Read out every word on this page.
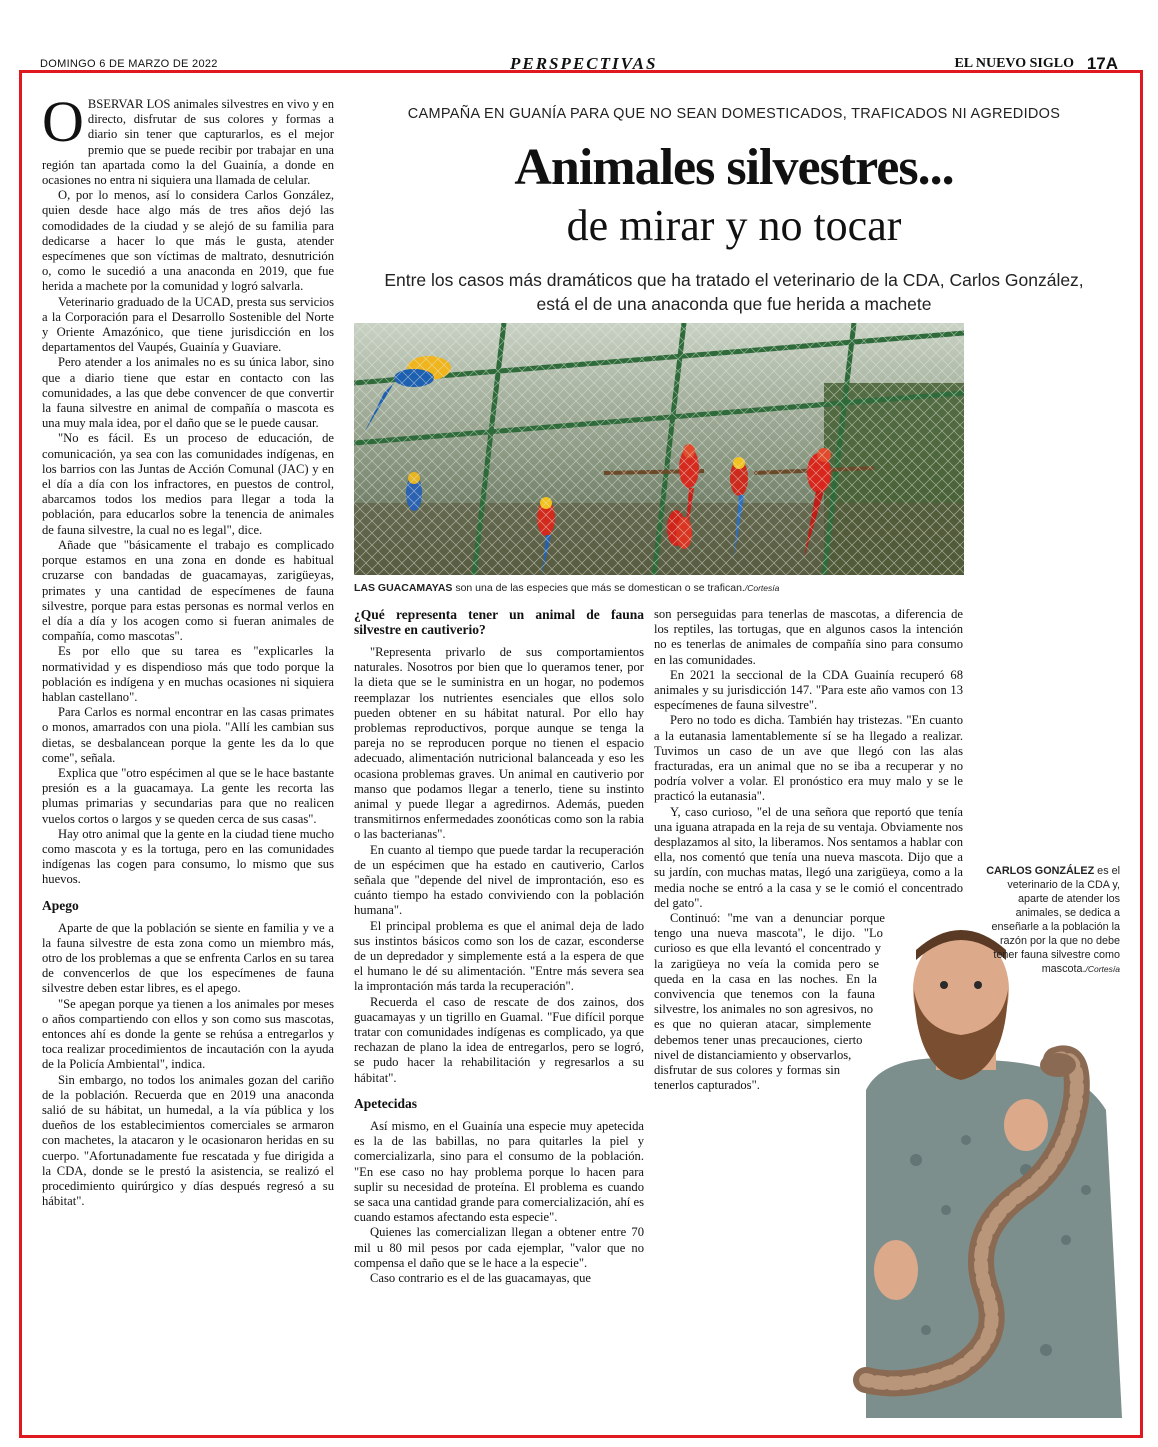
DOMINGO 6 DE MARZO DE 2022	PERSPECTIVAS	EL NUEVO SIGLO 17A

OBSERVAR LOS animales silvestres en vivo y en directo, disfrutar de sus colores y formas a diario sin tener que capturarlos, es el mejor premio que se puede recibir por trabajar en una región tan apartada como la del Guainía, a donde en ocasiones no entra ni siquiera una llamada de celular.

O, por lo menos, así lo considera Carlos González, quien desde hace algo más de tres años dejó las comodidades de la ciudad y se alejó de su familia para dedicarse a hacer lo que más le gusta, atender especímenes que son víctimas de maltrato, desnutrición o, como le sucedió a una anaconda en 2019, que fue herida a machete por la comunidad y logró salvarla.

Veterinario graduado de la UCAD, presta sus servicios a la Corporación para el Desarrollo Sostenible del Norte y Oriente Amazónico, que tiene jurisdicción en los departamentos del Vaupés, Guainía y Guaviare.

Pero atender a los animales no es su única labor, sino que a diario tiene que estar en contacto con las comunidades, a las que debe convencer de que convertir la fauna silvestre en animal de compañía o mascota es una muy mala idea, por el daño que se le puede causar.

"No es fácil. Es un proceso de educación, de comunicación, ya sea con las comunidades indígenas, en los barrios con las Juntas de Acción Comunal (JAC) y en el día a día con los infractores, en puestos de control, abarcamos todos los medios para llegar a toda la población, para educarlos sobre la tenencia de animales de fauna silvestre, la cual no es legal", dice.

Añade que "básicamente el trabajo es complicado porque estamos en una zona en donde es habitual cruzarse con bandadas de guacamayas, zarigüeyas, primates y una cantidad de especímenes de fauna silvestre, porque para estas personas es normal verlos en el día a día y los acogen como si fueran animales de compañía, como mascotas".

Es por ello que su tarea es "explicarles la normatividad y es dispendioso más que todo porque la población es indígena y en muchas ocasiones ni siquiera hablan castellano".

Para Carlos es normal encontrar en las casas primates o monos, amarrados con una piola. "Allí les cambian sus dietas, se desbalancean porque la gente les da lo que come", señala.

Explica que "otro espécimen al que se le hace bastante presión es a la guacamaya. La gente les recorta las plumas primarias y secundarias para que no realicen vuelos cortos o largos y se queden cerca de sus casas".

Hay otro animal que la gente en la ciudad tiene mucho como mascota y es la tortuga, pero en las comunidades indígenas las cogen para consumo, lo mismo que sus huevos.

Apego

Aparte de que la población se siente en familia y ve a la fauna silvestre de esta zona como un miembro más, otro de los problemas a que se enfrenta Carlos en su tarea de convencerlos de que los especímenes de fauna silvestre deben estar libres, es el apego.

"Se apegan porque ya tienen a los animales por meses o años compartiendo con ellos y son como sus mascotas, entonces ahí es donde la gente se rehúsa a entregarlos y toca realizar procedimientos de incautación con la ayuda de la Policía Ambiental", indica.

Sin embargo, no todos los animales gozan del cariño de la población. Recuerda que en 2019 una anaconda salió de su hábitat, un humedal, a la vía pública y los dueños de los establecimientos comerciales se armaron con machetes, la atacaron y le ocasionaron heridas en su cuerpo. "Afortunadamente fue rescatada y fue dirigida a la CDA, donde se le prestó la asistencia, se realizó el procedimiento quirúrgico y días después regresó a su hábitat".

CAMPAÑA EN GUANÍA PARA QUE NO SEAN DOMESTICADOS, TRAFICADOS NI AGREDIDOS
Animales silvestres...
de mirar y no tocar
Entre los casos más dramáticos que ha tratado el veterinario de la CDA, Carlos González, está el de una anaconda que fue herida a machete
LAS GUACAMAYAS son una de las especies que más se domestican o se trafican./Cortesía
¿Qué representa tener un animal de fauna silvestre en cautiverio?

"Representa privarlo de sus comportamientos naturales. Nosotros por bien que lo queramos tener, por la dieta que se le suministra en un hogar, no podemos reemplazar los nutrientes esenciales que ellos solo pueden obtener en su hábitat natural. Por ello hay problemas reproductivos, porque aunque se tenga la pareja no se reproducen porque no tienen el espacio adecuado, alimentación nutricional balanceada y eso les ocasiona problemas graves. Un animal en cautiverio por manso que podamos llegar a tenerlo, tiene su instinto animal y puede llegar a agredirnos. Además, pueden transmitirnos enfermedades zoonóticas como son la rabia o las bacterianas".

En cuanto al tiempo que puede tardar la recuperación de un espécimen que ha estado en cautiverio, Carlos señala que "depende del nivel de improntación, eso es cuánto tiempo ha estado conviviendo con la población humana".

El principal problema es que el animal deja de lado sus instintos básicos como son los de cazar, esconderse de un depredador y simplemente está a la espera de que el humano le dé su alimentación. "Entre más severa sea la improntación más tarda la recuperación".

Recuerda el caso de rescate de dos zainos, dos guacamayas y un tigrillo en Guamal. "Fue difícil porque tratar con comunidades indígenas es complicado, ya que rechazan de plano la idea de entregarlos, pero se logró, se pudo hacer la rehabilitación y regresarlos a su hábitat".

Apetecidas

Así mismo, en el Guainía una especie muy apetecida es la de las babillas, no para quitarles la piel y comercializarla, sino para el consumo de la población. "En ese caso no hay problema porque lo hacen para suplir su necesidad de proteína. El problema es cuando se saca una cantidad grande para comercialización, ahí es cuando estamos afectando esta especie".

Quienes las comercializan llegan a obtener entre 70 mil u 80 mil pesos por cada ejemplar, "valor que no compensa el daño que se le hace a la especie".

Caso contrario es el de las guacamayas, que

son perseguidas para tenerlas de mascotas, a diferencia de los reptiles, las tortugas, que en algunos casos la intención no es tenerlas de animales de compañía sino para consumo en las comunidades.

En 2021 la seccional de la CDA Guainía recuperó 68 animales y su jurisdicción 147. "Para este año vamos con 13 especímenes de fauna silvestre".

Pero no todo es dicha. También hay tristezas. "En cuanto a la eutanasia lamentablemente sí se ha llegado a realizar. Tuvimos un caso de un ave que llegó con las alas fracturadas, era un animal que no se iba a recuperar y no podría volver a volar. El pronóstico era muy malo y se le practicó la eutanasia".

Y, caso curioso, "el de una señora que reportó que tenía una iguana atrapada en la reja de su ventaja. Obviamente nos desplazamos al sito, la liberamos. Nos sentamos a hablar con ella, nos comentó que tenía una nueva mascota. Dijo que a su jardín, con muchas matas, llegó una zarigüeya, como a la media noche se entró a la casa y se le comió el concentrado del gato".

Continuó: "me van a denunciar porque tengo una nueva mascota", le dijo. "Lo curioso es que ella levantó el concentrado y la zarigüeya no veía la comida pero se queda en la casa en las noches. En la convivencia que tenemos con la fauna silvestre, los animales no son agresivos, no es que no quieran atacar, simplemente debemos tener unas precauciones, cierto nivel de distanciamiento y observarlos, disfrutar de sus colores y formas sin tenerlos capturados".

CARLOS GONZÁLEZ es el veterinario de la CDA y, aparte de atender los animales, se dedica a enseñarle a la población la razón por la que no debe tener fauna silvestre como mascota./Cortesía
